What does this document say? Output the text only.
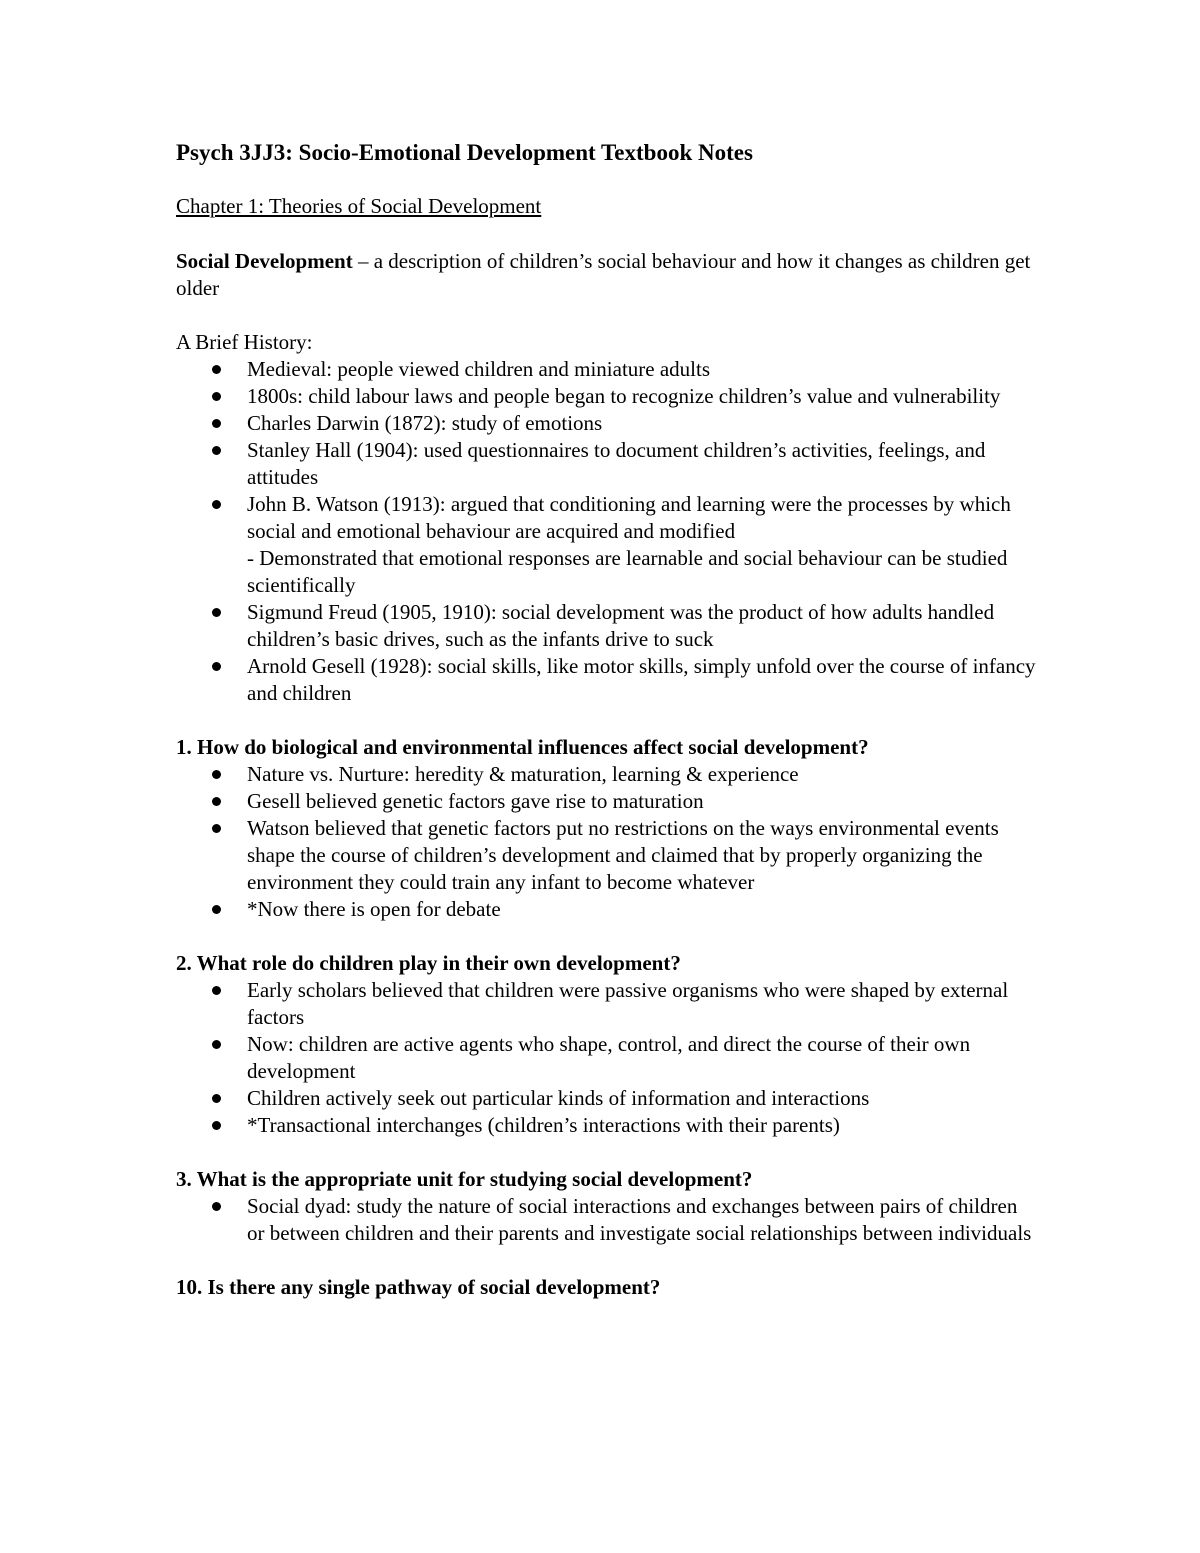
Psych 3JJ3: Socio-Emotional Development Textbook Notes
Chapter 1: Theories of Social Development
Social Development – a description of children’s social behaviour and how it changes as children get older
A Brief History:
Medieval: people viewed children and miniature adults
1800s: child labour laws and people began to recognize children’s value and vulnerability
Charles Darwin (1872): study of emotions
Stanley Hall (1904): used questionnaires to document children’s activities, feelings, and attitudes
John B. Watson (1913): argued that conditioning and learning were the processes by which social and emotional behaviour are acquired and modified
- Demonstrated that emotional responses are learnable and social behaviour can be studied scientifically
Sigmund Freud (1905, 1910): social development was the product of how adults handled children’s basic drives, such as the infants drive to suck
Arnold Gesell (1928): social skills, like motor skills, simply unfold over the course of infancy and children
1. How do biological and environmental influences affect social development?
Nature vs. Nurture: heredity & maturation, learning & experience
Gesell believed genetic factors gave rise to maturation
Watson believed that genetic factors put no restrictions on the ways environmental events shape the course of children’s development and claimed that by properly organizing the environment they could train any infant to become whatever
*Now there is open for debate
2. What role do children play in their own development?
Early scholars believed that children were passive organisms who were shaped by external factors
Now: children are active agents who shape, control, and direct the course of their own development
Children actively seek out particular kinds of information and interactions
*Transactional interchanges (children’s interactions with their parents)
3. What is the appropriate unit for studying social development?
Social dyad: study the nature of social interactions and exchanges between pairs of children or between children and their parents and investigate social relationships between individuals
10. Is there any single pathway of social development?
